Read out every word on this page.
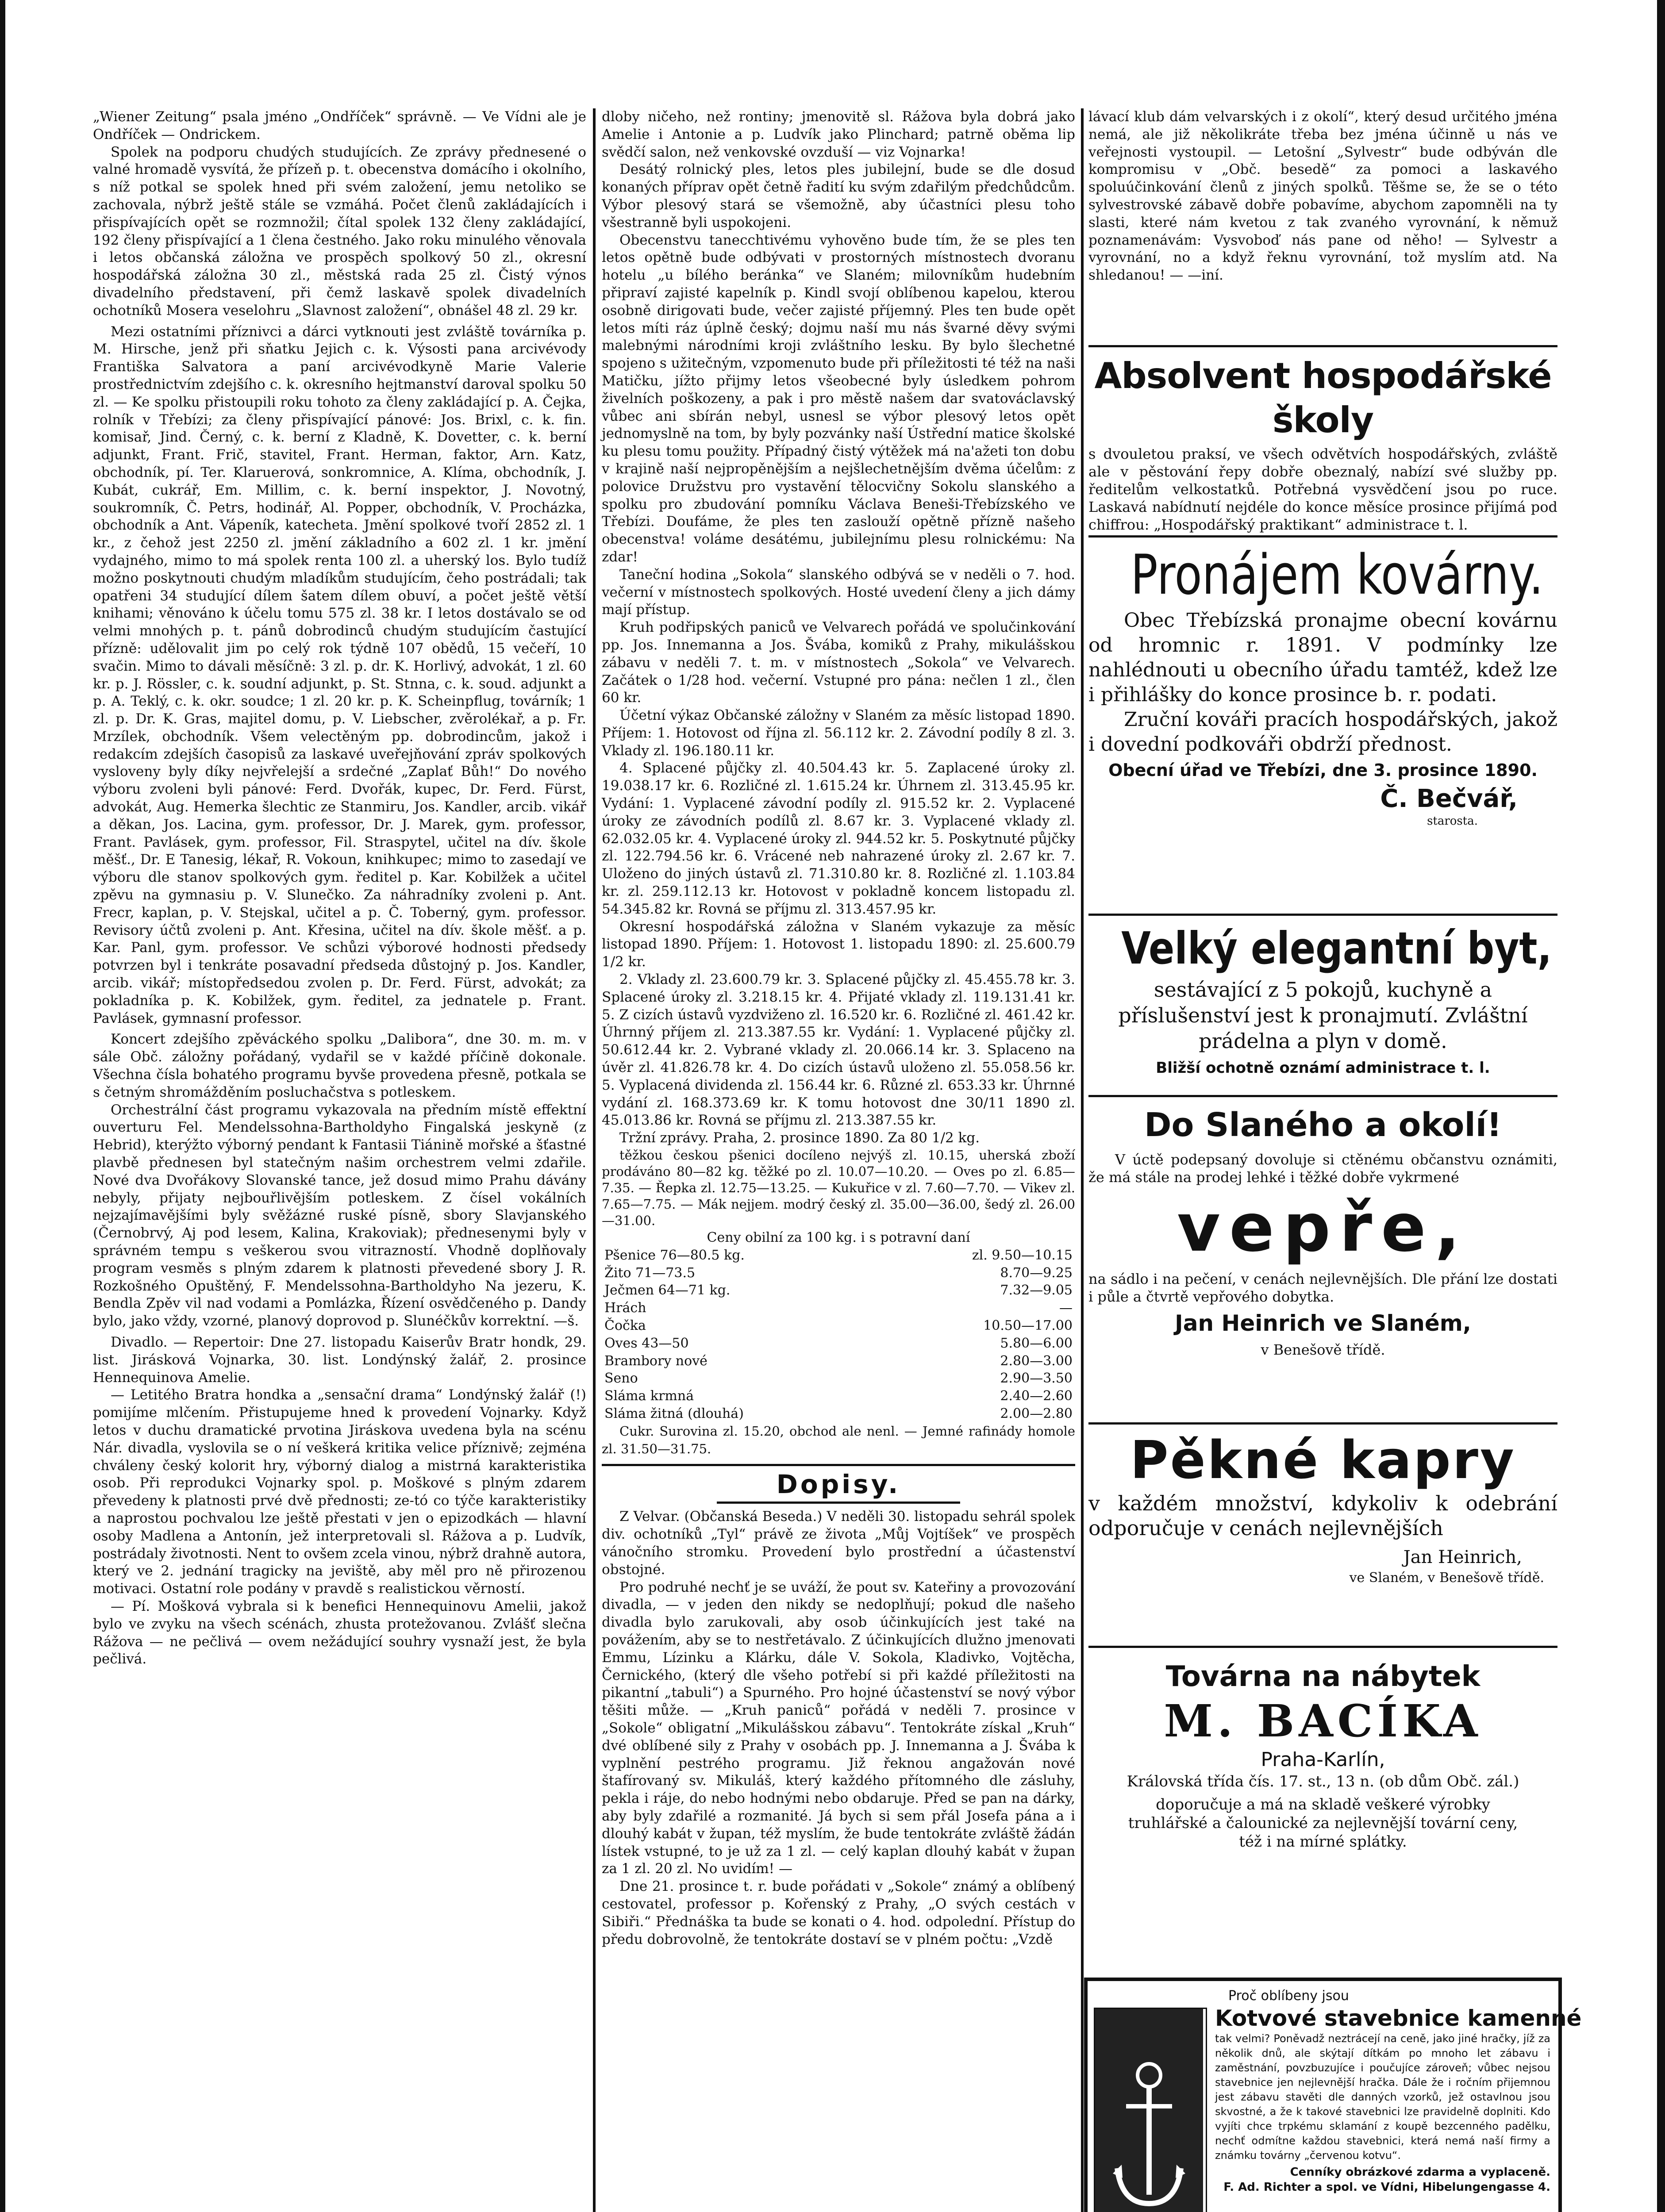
„Wiener Zeitung“ psala jméno „Ondříček“ správně. — Ve Vídni ale je Ondříček — Ondrickem.

Spolek na podporu chudých studujících. Ze zprávy přednesené o valné hromadě vysvítá, že přízeň p. t. obecenstva domácího i okolního, s níž potkal se spolek hned při svém založení, jemu netoliko se zachovala, nýbrž ještě stále se vzmáhá. Počet členů zakládajících i přispívajících opět se rozmnožil; čítal spolek 132 členy zakládající, 192 členy přispívající a 1 člena čestného. Jako roku minulého věnovala i letos občanská záložna ve prospěch spolkový 50 zl., okresní hospodářská záložna 30 zl., městská rada 25 zl. Čistý výnos divadelního představení, při čemž laskavě spolek divadelních ochotníků Mosera veselohru „Slavnost založení“, obnášel 48 zl. 29 kr.

Mezi ostatními příznivci a dárci vytknouti jest zvláště továrníka p. M. Hirsche, jenž při sňatku Jejich c. k. Výsosti pana arcivévody Františka Salvatora a paní arcivévodkyně Marie Valerie prostřednictvím zdejšího c. k. okresního hejtmanství daroval spolku 50 zl. — Ke spolku přistoupili roku tohoto za členy zakládající p. A. Čejka, rolník v Třebízi; za členy přispívající pánové: Jos. Brixl, c. k. fin. komisař, Jind. Černý, c. k. berní z Kladně, K. Dovetter, c. k. berní adjunkt, Frant. Frič, stavitel, Frant. Herman, faktor, Arn. Katz, obchodník, pí. Ter. Klaruerová, sonkromnice, A. Klíma, obchodník, J. Kubát, cukrář, Em. Millim, c. k. berní inspektor, J. Novotný, soukromník, Č. Petrs, hodinář, Al. Popper, obchodník, V. Procházka, obchodník a Ant. Vápeník, katecheta. Jmění spolkové tvoří 2852 zl. 1 kr., z čehož jest 2250 zl. jmění základního a 602 zl. 1 kr. jmění vydajného, mimo to má spolek renta 100 zl. a uherský los. Bylo tudíž možno poskytnouti chudým mladíkům studujícím, čeho postrádali; tak opatřeni 34 studující dílem šatem dílem obuví, a počet ještě větší knihami; věnováno k účelu tomu 575 zl. 38 kr. I letos dostávalo se od velmi mnohých p. t. pánů dobrodinců chudým studujícím častující přízně: udělovalit jim po celý rok týdně 107 obědů, 15 večeří, 10 svačin. Mimo to dávali měsíčně: 3 zl. p. dr. K. Horlivý, advokát, 1 zl. 60 kr. p. J. Rössler, c. k. soudní adjunkt, p. St. Stnna, c. k. soud. adjunkt a p. A. Teklý, c. k. okr. soudce; 1 zl. 20 kr. p. K. Scheinpflug, továrník; 1 zl. p. Dr. K. Gras, majitel domu, p. V. Liebscher, zvěrolékař, a p. Fr. Mrzílek, obchodník. Všem velectěným pp. dobrodincům, jakož i redakcím zdejších časopisů za laskavé uveřejňování zpráv spolkových vysloveny byly díky nejvřelejší a srdečné „Zaplať Bůh!“ Do nového výboru zvoleni byli pánové: Ferd. Dvořák, kupec, Dr. Ferd. Fürst, advokát, Aug. Hemerka šlechtic ze Stanmiru, Jos. Kandler, arcib. vikář a děkan, Jos. Lacina, gym. professor, Dr. J. Marek, gym. professor, Frant. Pavlásek, gym. professor, Fil. Straspytel, učitel na dív. škole měšť., Dr. E Tanesig, lékař, R. Vokoun, knihkupec; mimo to zasedají ve výboru dle stanov spolkových gym. ředitel p. Kar. Kobilžek a učitel zpěvu na gymnasiu p. V. Slunečko. Za náhradníky zvoleni p. Ant. Frecr, kaplan, p. V. Stejskal, učitel a p. Č. Toberný, gym. professor. Revisory účtů zvoleni p. Ant. Křesina, učitel na dív. škole měšť. a p. Kar. Panl, gym. professor. Ve schůzi výborové hodnosti předsedy potvrzen byl i tenkráte posavadní předseda důstojný p. Jos. Kandler, arcib. vikář; místopředsedou zvolen p. Dr. Ferd. Fürst, advokát; za pokladníka p. K. Kobilžek, gym. ředitel, za jednatele p. Frant. Pavlásek, gymnasní professor.

Koncert zdejšího zpěváckého spolku „Dalibora“, dne 30. m. m. v sále Obč. záložny pořádaný, vydařil se v každé příčině dokonale. Všechna čísla bohatého programu byvše provedena přesně, potkala se s četným shromážděním posluchačstva s potleskem.

Orchestrální část programu vykazovala na předním místě effektní ouverturu Fel. Mendelssohna-Bartholdyho Fingalská jeskyně (z Hebrid), kterýžto výborný pendant k Fantasii Tiánině mořské a šťastné plavbě přednesen byl statečným našim orchestrem velmi zdařile. Nové dva Dvořákovy Slovanské tance, jež dosud mimo Prahu dávány nebyly, přijaty nejbouřlivějším potleskem. Z čísel vokálních nejzajímavějšími byly svěžázné ruské písně, sbory Slavjanského (Černobrvý, Aj pod lesem, Kalina, Krakoviak); přednesenymi byly v správném tempu s veškerou svou vitrazností. Vhodně doplňovaly program vesměs s plným zdarem k platnosti převedené sbory J. R. Rozkošného Opuštěný, F. Mendelssohna-Bartholdyho Na jezeru, K. Bendla Zpěv vil nad vodami a Pomlázka, Řízení osvědčeného p. Dandy bylo, jako vždy, vzorné, planový doprovod p. Slunéčkův korrektní. —š.

Divadlo. — Repertoir: Dne 27. listopadu Kaiserův Bratr hondk, 29. list. Jirásková Vojnarka, 30. list. Londýnský žalář, 2. prosince Hennequinova Amelie.

— Letitého Bratra hondka a „sensační drama“ Londýnský žalář (!) pomijíme mlčením. Přistupujeme hned k provedení Vojnarky. Když letos v duchu dramatické prvotina Jiráskova uvedena byla na scénu Nár. divadla, vyslovila se o ní veškerá kritika velice příznivě; zejména chváleny český kolorit hry, výborný dialog a mistrná karakteristika osob. Při reprodukci Vojnarky spol. p. Moškové s plným zdarem převedeny k platnosti prvé dvě přednosti; ze-tó co týče karakteristiky a naprostou pochvalou lze ještě přestati v jen o epizodkách — hlavní osoby Madlena a Antonín, jež interpretovali sl. Rážova a p. Ludvík, postrádaly životnosti. Nent to ovšem zcela vinou, nýbrž drahně autora, který ve 2. jednání tragicky na jeviště, aby měl pro ně přirozenou motivaci. Ostatní role podány v pravdě s realistickou věrností.

— Pí. Mošková vybrala si k benefici Hennequinovu Amelii, jakož bylo ve zvyku na všech scénách, zhusta protežovanou. Zvlášť slečna Rážova — ne pečlivá — ovem nežádující souhry vysnaží jest, že byla pečlivá.

dloby ničeho, než rontiny; jmenovitě sl. Rážova byla dobrá jako Amelie i Antonie a p. Ludvík jako Plinchard; patrně oběma lip svědčí salon, než venkovské ovzduší — viz Vojnarka!

Desátý rolnický ples, letos ples jubilejní, bude se dle dosud konaných příprav opět četně řadití ku svým zdařilým předchůdcům. Výbor plesový stará se všemožně, aby účastníci plesu toho všestranně byli uspokojeni.

Obecenstvu tanecchtivému vyhověno bude tím, že se ples ten letos opětně bude odbývati v prostorných místnostech dvoranu hotelu „u bílého beránka“ ve Slaném; milovníkům hudebním připraví zajisté kapelník p. Kindl svojí oblíbenou kapelou, kterou osobně dirigovati bude, večer zajisté příjemný. Ples ten bude opět letos míti ráz úplně český; dojmu naší mu nás švarné děvy svými malebnými národními kroji zvláštního lesku. By bylo šlechetné spojeno s užitečným, vzpomenuto bude při příležitosti té též na naši Matičku, jížto přijmy letos všeobecné byly úsledkem pohrom živelních poškozeny, a pak i pro městě našem dar svatováclavský vůbec ani sbírán nebyl, usnesl se výbor plesový letos opět jednomyslně na tom, by byly pozvánky naší Ústřední matice školské ku plesu tomu použity. Případný čistý výtěžek má na'ažeti ton dobu v krajině naší nejpropěnějším a nejšlechetnějším dvěma účelům: z polovice Družstvu pro vystavění tělocvičny Sokolu slanského a spolku pro zbudování pomníku Václava Beneši-Třebízského ve Třebízi. Doufáme, že ples ten zaslouží opětně přízně našeho obecenstva! voláme desátému, jubilejnímu plesu rolnickému: Na zdar!

Taneční hodina „Sokola“ slanského odbývá se v neděli o 7. hod. večerní v místnostech spolkových. Hosté uvedení členy a jich dámy mají přístup.

Kruh podřipských paniců ve Velvarech pořádá ve spolučinkování pp. Jos. Innemanna a Jos. Švába, komiků z Prahy, mikulášskou zábavu v neděli 7. t. m. v místnostech „Sokola“ ve Velvarech. Začátek o 1/28 hod. večerní. Vstupné pro pána: nečlen 1 zl., člen 60 kr.

Účetní výkaz Občanské záložny v Slaném za měsíc listopad 1890. Příjem: 1. Hotovost od října zl. 56.112 kr. 2. Závodní podíly 8 zl. 3. Vklady zl. 196.180.11 kr.

4. Splacené půjčky zl. 40.504.43 kr. 5. Zaplacené úroky zl. 19.038.17 kr. 6. Rozličné zl. 1.615.24 kr. Úhrnem zl. 313.45.95 kr. Vydání: 1. Vyplacené závodní podíly zl. 915.52 kr. 2. Vyplacené úroky ze závodních podílů zl. 8.67 kr. 3. Vyplacené vklady zl. 62.032.05 kr. 4. Vyplacené úroky zl. 944.52 kr. 5. Poskytnuté půjčky zl. 122.794.56 kr. 6. Vrácené neb nahrazené úroky zl. 2.67 kr. 7. Uloženo do jiných ústavů zl. 71.310.80 kr. 8. Rozličné zl. 1.103.84 kr. zl. 259.112.13 kr. Hotovost v pokladně koncem listopadu zl. 54.345.82 kr. Rovná se příjmu zl. 313.457.95 kr.

Okresní hospodářská záložna v Slaném vykazuje za měsíc listopad 1890. Příjem: 1. Hotovost 1. listopadu 1890: zl. 25.600.79 1/2 kr.

2. Vklady zl. 23.600.79 kr. 3. Splacené půjčky zl. 45.455.78 kr. 3. Splacené úroky zl. 3.218.15 kr. 4. Přijaté vklady zl. 119.131.41 kr. 5. Z cizích ústavů vyzdviženo zl. 16.520 kr. 6. Rozličné zl. 461.42 kr. Úhrnný příjem zl. 213.387.55 kr. Vydání: 1. Vyplacené půjčky zl. 50.612.44 kr. 2. Vybrané vklady zl. 20.066.14 kr. 3. Splaceno na úvěr zl. 41.826.78 kr. 4. Do cizích ústavů uloženo zl. 55.058.56 kr. 5. Vyplacená dividenda zl. 156.44 kr. 6. Různé zl. 653.33 kr. Úhrnné vydání zl. 168.373.69 kr. K tomu hotovost dne 30/11 1890 zl. 45.013.86 kr. Rovná se příjmu zl. 213.387.55 kr.

Tržní zprávy. Praha, 2. prosince 1890. Za 80 1/2 kg.

těžkou českou pšenici docíleno nejvýš zl. 10.15, uherská zboží prodáváno 80—82 kg. těžké po zl. 10.07—10.20. — Oves po zl. 6.85—7.35. — Řepka zl. 12.75—13.25. — Kukuřice v zl. 7.60—7.70. — Vikev zl. 7.65—7.75. — Mák nejjem. modrý český zl. 35.00—36.00, šedý zl. 26.00—31.00.

Ceny obilní za 100 kg. i s potravní daní
Pšenice 76—80.5 kg.	zl. 9.50—10.15
Žito 71—73.5	8.70—9.25
Ječmen 64—71 kg.	7.32—9.05
Hrách	—
Čočka	10.50—17.00
Oves 43—50	5.80—6.00
Brambory nové	2.80—3.00
Seno	2.90—3.50
Sláma krmná	2.40—2.60
Sláma žitná (dlouhá)	2.00—2.80

Cukr. Surovina zl. 15.20, obchod ale nenl. — Jemné rafinády homole zl. 31.50—31.75.

Dopisy.

Z Velvar. (Občanská Beseda.) V neděli 30. listopadu sehrál spolek div. ochotníků „Tyl“ právě ze života „Můj Vojtíšek“ ve prospěch vánočního stromku. Provedení bylo prostřední a účastenství obstojné.

Pro podruhé nechť je se uváží, že pout sv. Kateřiny a provozování divadla, — v jeden den nikdy se nedoplňují; pokud dle našeho divadla bylo zarukovali, aby osob účinkujících jest také na povážením, aby se to nestřetávalo. Z účinkujících dlužno jmenovati Emmu, Lízinku a Klárku, dále V. Sokola, Kladivko, Vojtěcha, Černického, (který dle všeho potřebí si při každé příležitosti na pikantní „tabuli“) a Spurného. Pro hojné účastenství se nový výbor těšiti může. — „Kruh paniců“ pořádá v neděli 7. prosince v „Sokole“ obligatní „Mikulášskou zábavu“. Tentokráte získal „Kruh“ dvé oblíbené sily z Prahy v osobách pp. J. Innemanna a J. Švába k vyplnění pestrého programu. Již řeknou angažován nové štafírovaný sv. Mikuláš, který každého přítomného dle zásluhy, pekla i ráje, do nebo hodnými nebo obdaruje. Před se pan na dárky, aby byly zdařilé a rozmanité. Já bych si sem přál Josefa pána a i dlouhý kabát v župan, též myslím, že bude tentokráte zvláště žádán lístek vstupné, to je už za 1 zl. — celý kaplan dlouhý kabát v župan za 1 zl. 20 zl. No uvidím! —

Dne 21. prosince t. r. bude pořádati v „Sokole“ známý a oblíbený cestovatel, professor p. Kořenský z Prahy, „O svých cestách v Sibiři.“ Přednáška ta bude se konati o 4. hod. odpolední. Přístup do předu dobrovolně, že tentokráte dostaví se v plném počtu: „Vzdě

lávací klub dám velvarských i z okolí“, který desud určitého jména nemá, ale již několikráte třeba bez jména účinně u nás ve veřejnosti vystoupil. — Letošní „Sylvestr“ bude odbýván dle kompromisu v „Obč. besedě“ za pomoci a laskavého spoluúčinkování členů z jiných spolků. Těšme se, že se o této sylvestrovské zábavě dobře pobavíme, abychom zapomněli na ty slasti, které nám kvetou z tak zvaného vyrovnání, k němuž poznamenávám: Vysvoboď nás pane od něho! — Sylvestr a vyrovnání, no a když řeknu vyrovnání, tož myslím atd. Na shledanou! — —iní.

Absolvent hospodářské školy
s dvouletou praksí, ve všech odvětvích hospodářských, zvláště ale v pěstování řepy dobře obeznalý, nabízí své služby pp. ředitelům velkostatků. Potřebná vysvědčení jsou po ruce. Laskavá nabídnutí nejdéle do konce měsíce prosince přijímá pod chiffrou: „Hospodářský praktikant“ administrace t. l.
Pronájem kovárny.
Obec Třebízská pronajme obecní kovárnu od hromnic r. 1891. V podmínky lze nahlédnouti u obecního úřadu tamtéž, kdež lze i přihlášky do konce prosince b. r. podati.
Zruční kováři pracích hospodářských, jakož i dovední podkováři obdrží přednost.
Obecní úřad ve Třebízi, dne 3. prosince 1890.
Č. Bečvář,
starosta.
Velký elegantní byt,
sestávající z 5 pokojů, kuchyně a příslušenství jest k pronajmutí. Zvláštní prádelna a plyn v domě.
Bližší ochotně oznámí administrace t. l.
Do Slaného a okolí!
V úctě podepsaný dovoluje si ctěnému občanstvu oznámiti, že má stále na prodej lehké i těžké dobře vykrmené
vepře,
na sádlo i na pečení, v cenách nejlevnějších. Dle přání lze dostati i půle a čtvrtě vepřového dobytka.
Jan Heinrich ve Slaném,
v Benešově třídě.
Pěkné kapry
v každém množství, kdykoliv k odebrání odporučuje v cenách nejlevnějších
Jan Heinrich,
ve Slaném, v Benešově třídě.
Továrna na nábytek
M. BACÍKA
Praha-Karlín,
Královská třída čís. 17. st., 13 n. (ob dům Obč. zál.)
doporučuje a má na skladě veškeré výrobky truhlářské a čalounické za nejlevnější tovární ceny, též i na mírné splátky.
Proč oblíbeny jsou
Kotvové stavebnice kamenné
tak velmi? Poněvadž neztrácejí na ceně, jako jiné hračky, jíž za několik dnů, ale skýtají dítkám po mnoho let zábavu i zaměstnání, povzbuzujíce i poučujíce zároveň; vůbec nejsou stavebnice jen nejlevnější hračka. Dále že i ročním přijemnou jest zábavu stavěti dle danných vzorků, jež ostavlnou jsou skvostné, a že k takové stavebnici lze pravidelně doplniti. Kdo vyjíti chce trpkému sklamání z koupě bezcenného padělku, nechť odmítne každou stavebnici, která nemá naší firmy a známku továrny „červenou kotvu“.
Cenníky obrázkové zdarma a vyplaceně.
F. Ad. Richter a spol. ve Vídni, Hibelungengasse 4.
